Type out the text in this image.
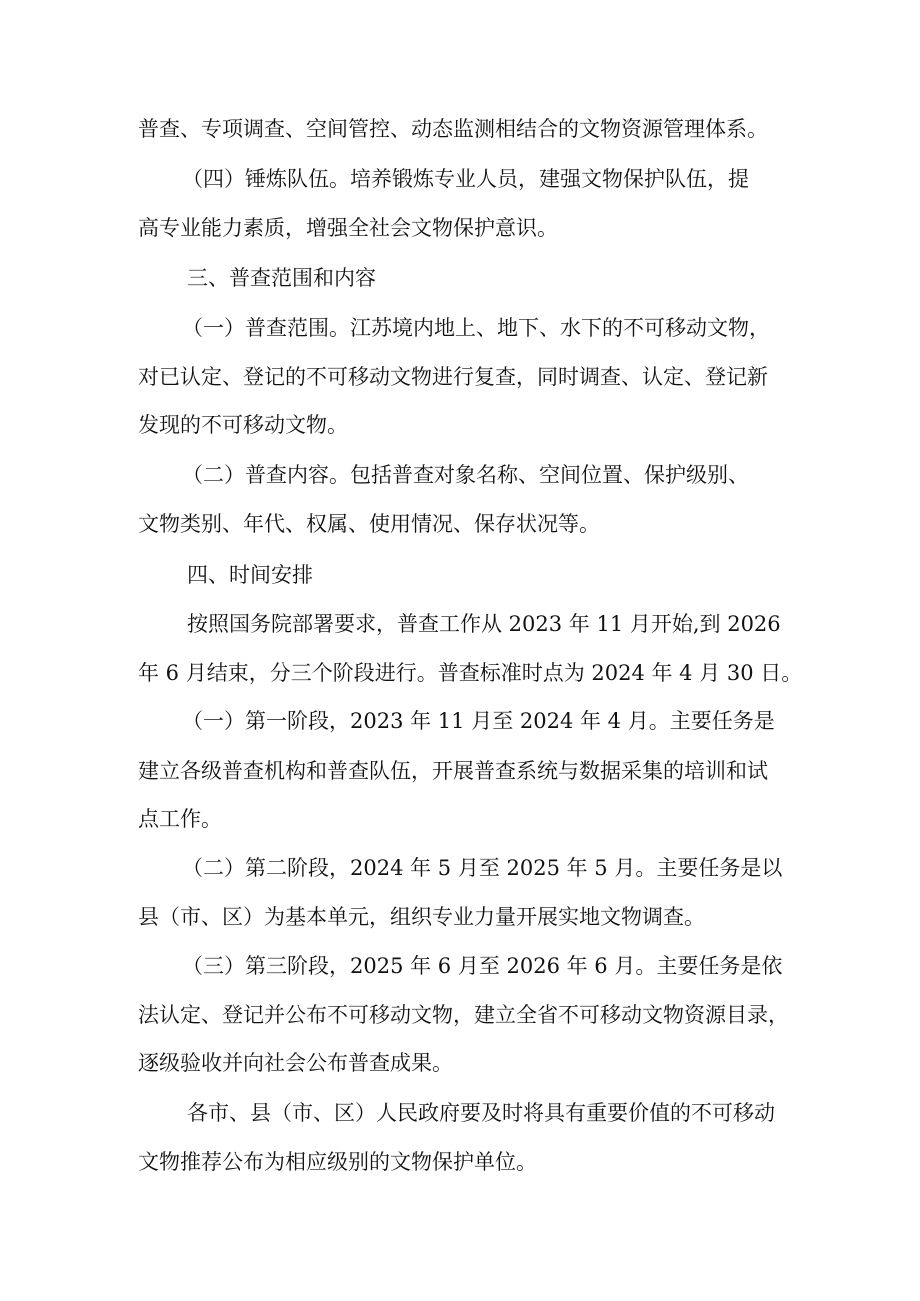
普查、专项调查、空间管控、动态监测相结合的文物资源管理体系。
（四）锤炼队伍。培养锻炼专业人员，建强文物保护队伍，提
高专业能力素质，增强全社会文物保护意识。
三、普查范围和内容
（一）普查范围。江苏境内地上、地下、水下的不可移动文物，
对已认定、登记的不可移动文物进行复查，同时调查、认定、登记新
发现的不可移动文物。
（二）普查内容。包括普查对象名称、空间位置、保护级别、
文物类别、年代、权属、使用情况、保存状况等。
四、时间安排
按照国务院部署要求，普查工作从 2023 年 11 月开始,到 2026
年 6 月结束，分三个阶段进行。普查标准时点为 2024 年 4 月 30 日。
（一）第一阶段，2023 年 11 月至 2024 年 4 月。主要任务是
建立各级普查机构和普查队伍，开展普查系统与数据采集的培训和试
点工作。
（二）第二阶段，2024 年 5 月至 2025 年 5 月。主要任务是以
县（市、区）为基本单元，组织专业力量开展实地文物调查。
（三）第三阶段，2025 年 6 月至 2026 年 6 月。主要任务是依
法认定、登记并公布不可移动文物，建立全省不可移动文物资源目录，
逐级验收并向社会公布普查成果。
各市、县（市、区）人民政府要及时将具有重要价值的不可移动
文物推荐公布为相应级别的文物保护单位。
